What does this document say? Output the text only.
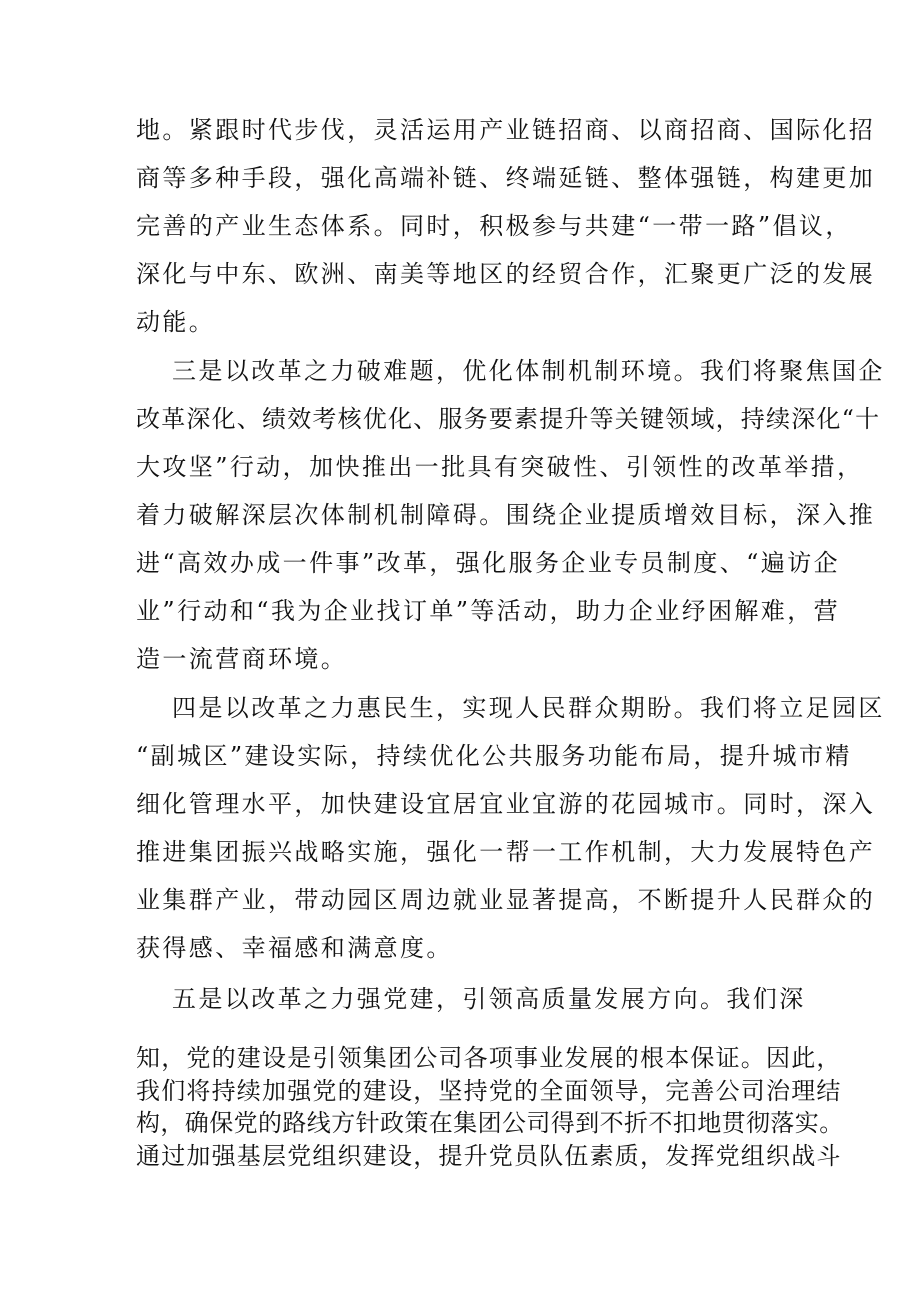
地。紧跟时代步伐，灵活运用产业链招商、以商招商、国际化招
商等多种手段，强化高端补链、终端延链、整体强链，构建更加
完善的产业生态体系。同时，积极参与共建“一带一路”倡议，
深化与中东、欧洲、南美等地区的经贸合作，汇聚更广泛的发展
动能。
三是以改革之力破难题，优化体制机制环境。我们将聚焦国企
改革深化、绩效考核优化、服务要素提升等关键领域，持续深化“十
大攻坚”行动，加快推出一批具有突破性、引领性的改革举措，
着力破解深层次体制机制障碍。围绕企业提质增效目标，深入推
进“高效办成一件事”改革，强化服务企业专员制度、“遍访企
业”行动和“我为企业找订单”等活动，助力企业纾困解难，营
造一流营商环境。
四是以改革之力惠民生，实现人民群众期盼。我们将立足园区
“副城区”建设实际，持续优化公共服务功能布局，提升城市精
细化管理水平，加快建设宜居宜业宜游的花园城市。同时，深入
推进集团振兴战略实施，强化一帮一工作机制，大力发展特色产
业集群产业，带动园区周边就业显著提高，不断提升人民群众的
获得感、幸福感和满意度。
五是以改革之力强党建，引领高质量发展方向。我们深
知，党的建设是引领集团公司各项事业发展的根本保证。因此，
我们将持续加强党的建设，坚持党的全面领导，完善公司治理结
构，确保党的路线方针政策在集团公司得到不折不扣地贯彻落实。
通过加强基层党组织建设，提升党员队伍素质，发挥党组织战斗
